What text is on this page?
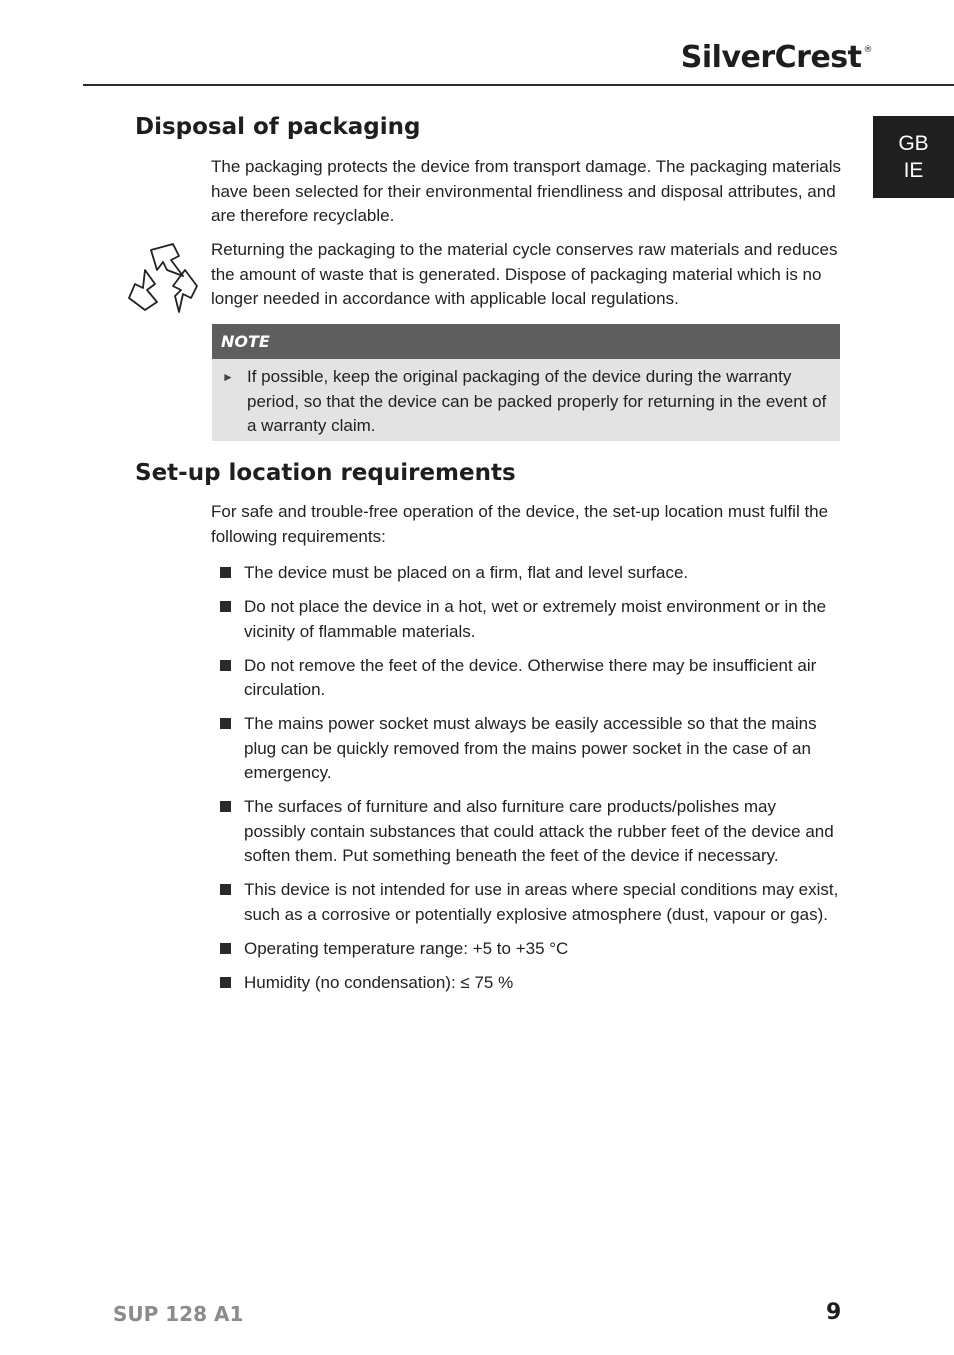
SilverCrest ®
GB
IE
Disposal of packaging

The packaging protects the device from transport damage. The packaging materials have been selected for their environmental friendliness and disposal attributes, and are therefore recyclable.

Returning the packaging to the material cycle conserves raw materials and reduces the amount of waste that is generated. Dispose of packaging material which is no longer needed in accordance with applicable local regulations.

NOTE
► If possible, keep the original packaging of the device during the warranty period, so that the device can be packed properly for returning in the event of a warranty claim.
Set-up location requirements

For safe and trouble-free operation of the device, the set-up location must fulfil the following requirements:

The device must be placed on a firm, flat and level surface.
Do not place the device in a hot, wet or extremely moist environment or in the vicinity of flammable materials.
Do not remove the feet of the device. Otherwise there may be insufficient air circulation.
The mains power socket must always be easily accessible so that the mains plug can be quickly removed from the mains power socket in the case of an emergency.
The surfaces of furniture and also furniture care products/polishes may possibly contain substances that could attack the rubber feet of the device and soften them. Put something beneath the feet of the device if necessary.
This device is not intended for use in areas where special conditions may exist, such as a corrosive or potentially explosive atmosphere (dust, vapour or gas).
Operating temperature range: +5 to +35 °C
Humidity (no condensation): ≤ 75 %
SUP 128 A1	9
